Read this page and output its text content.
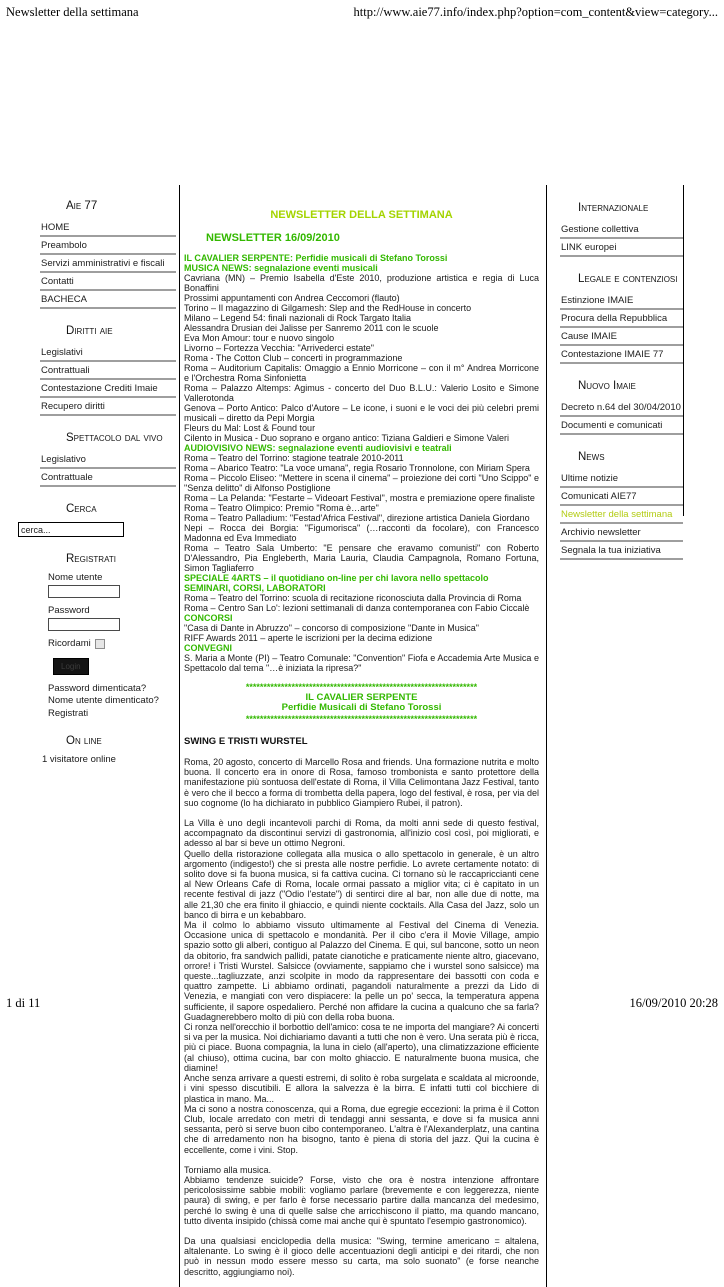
Newsletter della settimana	http://www.aie77.info/index.php?option=com_content&view=category...
Aie 77
HOME
Preambolo
Servizi amministrativi e fiscali
Contatti
BACHECA
Diritti aie
Legislativi
Contrattuali
Contestazione Crediti Imaie
Recupero diritti
Spettacolo dal vivo
Legislativo
Contrattuale
Cerca
cerca...
Registrati
Nome utente
Password
Ricordami
Login
Password dimenticata?
Nome utente dimenticato?
Registrati
On line
1 visitatore online
NEWSLETTER DELLA SETTIMANA
NEWSLETTER 16/09/2010
IL CAVALIER SERPENTE: Perfidie musicali di Stefano Torossi
MUSICA NEWS: segnalazione eventi musicali
Cavriana (MN) – Premio Isabella d'Este 2010, produzione artistica e regia di Luca Bonaffini
Prossimi appuntamenti con Andrea Ceccomori (flauto)
Torino – Il magazzino di Gilgamesh: Slep and the RedHouse in concerto
Milano – Legend 54: finali nazionali di Rock Targato Italia
Alessandra Drusian dei Jalisse per Sanremo 2011 con le scuole
Eva Mon Amour: tour e nuovo singolo
Livorno – Fortezza Vecchia: "Arrivederci estate"
Roma - The Cotton Club – concerti in programmazione
Roma – Auditorium Capitalis: Omaggio a Ennio Morricone – con il m° Andrea Morricone e l'Orchestra Roma Sinfonietta
Roma – Palazzo Altemps: Agimus - concerto del Duo B.L.U.: Valerio Losito e Simone Vallerotonda
Genova – Porto Antico: Palco d'Autore – Le icone, i suoni e le voci dei più celebri premi musicali – diretto da Pepi Morgia
Fleurs du Mal: Lost & Found tour
Cilento in Musica - Duo soprano e organo antico: Tiziana Galdieri e Simone Valeri
AUDIOVISIVO NEWS: segnalazione eventi audiovisivi e teatrali
Roma – Teatro del Torrino: stagione teatrale 2010-2011
Roma – Abarico Teatro: "La voce umana", regia Rosario Tronnolone, con Miriam Spera
Roma – Piccolo Eliseo: "Mettere in scena il cinema" – proiezione dei corti "Uno Scippo" e "Senza delitto" di Alfonso Postiglione
Roma – La Pelanda: "Festarte – Videoart Festival", mostra e premiazione opere finaliste
Roma – Teatro Olimpico: Premio "Roma è…arte"
Roma – Teatro Palladium: "Festad'Africa Festival", direzione artistica Daniela Giordano
Nepi – Rocca dei Borgia: "Figumorisca" (…racconti da focolare), con Francesco Madonna ed Eva Immediato
Roma – Teatro Sala Umberto: "E pensare che eravamo comunisti" con Roberto D'Alessandro, Pia Engleberth, Maria Lauria, Claudia Campagnola, Romano Fortuna, Simon Tagliaferro
SPECIALE 4ARTS – il quotidiano on-line per chi lavora nello spettacolo
SEMINARI, CORSI, LABORATORI
Roma – Teatro del Torrino: scuola di recitazione riconosciuta dalla Provincia di Roma
Roma – Centro San Lo': lezioni settimanali di danza contemporanea con Fabio Ciccalè
CONCORSI
"Casa di Dante in Abruzzo" – concorso di composizione "Dante in Musica"
RIFF Awards 2011 – aperte le iscrizioni per la decima edizione
CONVEGNI
S. Maria a Monte (PI) – Teatro Comunale: "Convention" Fiofa e Accademia Arte Musica e Spettacolo dal tema "…è iniziata la ripresa?"
******************************************************************
IL CAVALIER SERPENTE
Perfidie Musicali di Stefano Torossi
******************************************************************
SWING E TRISTI WURSTEL
Roma, 20 agosto, concerto di Marcello Rosa and friends. Una formazione nutrita e molto buona. Il concerto era in onore di Rosa, famoso trombonista e santo protettore della manifestazione più sontuosa dell'estate di Roma, il Villa Celimontana Jazz Festival, tanto è vero che il becco a forma di trombetta della papera, logo del festival, è rosa, per via del suo cognome (lo ha dichiarato in pubblico Giampiero Rubei, il patron).
La Villa è uno degli incantevoli parchi di Roma, da molti anni sede di questo festival, accompagnato da discontinui servizi di gastronomia, all'inizio così così, poi migliorati, e adesso al bar si beve un ottimo Negroni.
Quello della ristorazione collegata alla musica o allo spettacolo in generale, è un altro argomento (indigesto!) che si presta alle nostre perfidie. Lo avrete certamente notato: di solito dove si fa buona musica, si fa cattiva cucina. Ci tornano sù le raccapriccianti cene al New Orleans Cafe di Roma, locale ormai passato a miglior vita; ci è capitato in un recente festival di jazz ("Odio l'estate") di sentirci dire al bar, non alle due di notte, ma alle 21,30 che era finito il ghiaccio, e quindi niente cocktails. Alla Casa del Jazz, solo un banco di birra e un kebabbaro.
Ma il colmo lo abbiamo vissuto ultimamente al Festival del Cinema di Venezia. Occasione unica di spettacolo e mondanità. Per il cibo c'era il Movie Village, ampio spazio sotto gli alberi, contiguo al Palazzo del Cinema. E qui, sul bancone, sotto un neon da obitorio, fra sandwich pallidi, patate cianotiche e praticamente niente altro, giacevano, orrore! i Tristi Wurstel. Salsicce (ovviamente, sappiamo che i wurstel sono salsicce) ma queste...tagliuzzate, anzi scolpite in modo da rappresentare dei bassotti con coda e quattro zampette. Li abbiamo ordinati, pagandoli naturalmente a prezzi da Lido di Venezia, e mangiati con vero dispiacere: la pelle un po' secca, la temperatura appena sufficiente, il sapore ospedaliero. Perché non affidare la cucina a qualcuno che sa farla? Guadagnerebbero molto di più con della roba buona.
Ci ronza nell'orecchio il borbottio dell'amico: cosa te ne importa del mangiare? Ai concerti si va per la musica. Noi dichiariamo davanti a tutti che non è vero. Una serata più è ricca, più ci piace. Buona compagnia, la luna in cielo (all'aperto), una climatizzazione efficiente (al chiuso), ottima cucina, bar con molto ghiaccio. E naturalmente buona musica, che diamine!
Anche senza arrivare a questi estremi, di solito è roba surgelata e scaldata al microonde, i vini spesso discutibili. E allora la salvezza è la birra. E infatti tutti col bicchiere di plastica in mano. Ma...
Ma ci sono a nostra conoscenza, qui a Roma, due egregie eccezioni: la prima è il Cotton Club, locale arredato con metri di tendaggi anni sessanta, e dove si fa musica anni sessanta, però si serve buon cibo contemporaneo. L'altra è l'Alexanderplatz, una cantina che di arredamento non ha bisogno, tanto è piena di storia del jazz. Qui la cucina è eccellente, come i vini. Stop.
Torniamo alla musica.
Abbiamo tendenze suicide? Forse, visto che ora è nostra intenzione affrontare pericolosissime sabbie mobili: vogliamo parlare (brevemente e con leggerezza, niente paura) di swing, e per farlo è forse necessario partire dalla mancanza del medesimo, perché lo swing è una di quelle salse che arricchiscono il piatto, ma quando mancano, tutto diventa insipido (chissà come mai anche qui è spuntato l'esempio gastronomico).
Da una qualsiasi enciclopedia della musica: "Swing, termine americano = altalena, altalenante. Lo swing è il gioco delle accentuazioni degli anticipi e dei ritardi, che non può in nessun modo essere messo su carta, ma solo suonato" (e forse neanche descritto, aggiungiamo noi).
Internazionale
Gestione collettiva
LINK europei
Legale e contenziosi
Estinzione IMAIE
Procura della Repubblica
Cause IMAIE
Contestazione IMAIE 77
Nuovo Imaie
Decreto n.64 del 30/04/2010
Documenti e comunicati
News
Ultime notizie
Comunicati AIE77
Newsletter della settimana
Archivio newsletter
Segnala la tua iniziativa
1 di 11	16/09/2010 20:28
